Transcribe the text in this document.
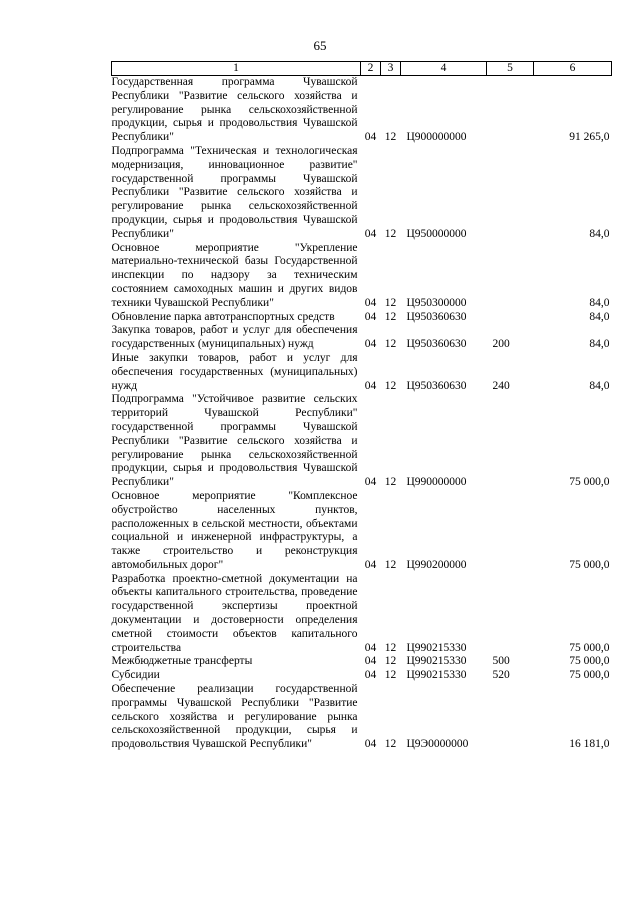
65
1	2	3	4	5	6
Государственная программа Чувашской Республики "Развитие сельского хозяйства и регулирование рынка сельскохозяйственной продукции, сырья и продовольствия Чувашской Республики"	04	12	Ц900000000		91 265,0
Подпрограмма "Техническая и технологическая модернизация, инновационное развитие" государственной программы Чувашской Республики "Развитие сельского хозяйства и регулирование рынка сельскохозяйственной продукции, сырья и продовольствия Чувашской Республики"	04	12	Ц950000000		84,0
Основное мероприятие "Укрепление материально-технической базы Государственной инспекции по надзору за техническим состоянием самоходных машин и других видов техники Чувашской Республики"	04	12	Ц950300000		84,0
Обновление парка автотранспортных средств	04	12	Ц950360630		84,0
Закупка товаров, работ и услуг для обеспечения государственных (муниципальных) нужд	04	12	Ц950360630	200	84,0
Иные закупки товаров, работ и услуг для обеспечения государственных (муниципальных) нужд	04	12	Ц950360630	240	84,0
Подпрограмма "Устойчивое развитие сельских территорий Чувашской Республики" государственной программы Чувашской Республики "Развитие сельского хозяйства и регулирование рынка сельскохозяйственной продукции, сырья и продовольствия Чувашской Республики"	04	12	Ц990000000		75 000,0
Основное мероприятие "Комплексное обустройство населенных пунктов, расположенных в сельской местности, объектами социальной и инженерной инфраструктуры, а также строительство и реконструкция автомобильных дорог"	04	12	Ц990200000		75 000,0
Разработка проектно-сметной документации на объекты капитального строительства, проведение государственной экспертизы проектной документации и достоверности определения сметной стоимости объектов капитального строительства	04	12	Ц990215330		75 000,0
Межбюджетные трансферты	04	12	Ц990215330	500	75 000,0
Субсидии	04	12	Ц990215330	520	75 000,0
Обеспечение реализации государственной программы Чувашской Республики "Развитие сельского хозяйства и регулирование рынка сельскохозяйственной продукции, сырья и продовольствия Чувашской Республики"	04	12	Ц9Э0000000		16 181,0
